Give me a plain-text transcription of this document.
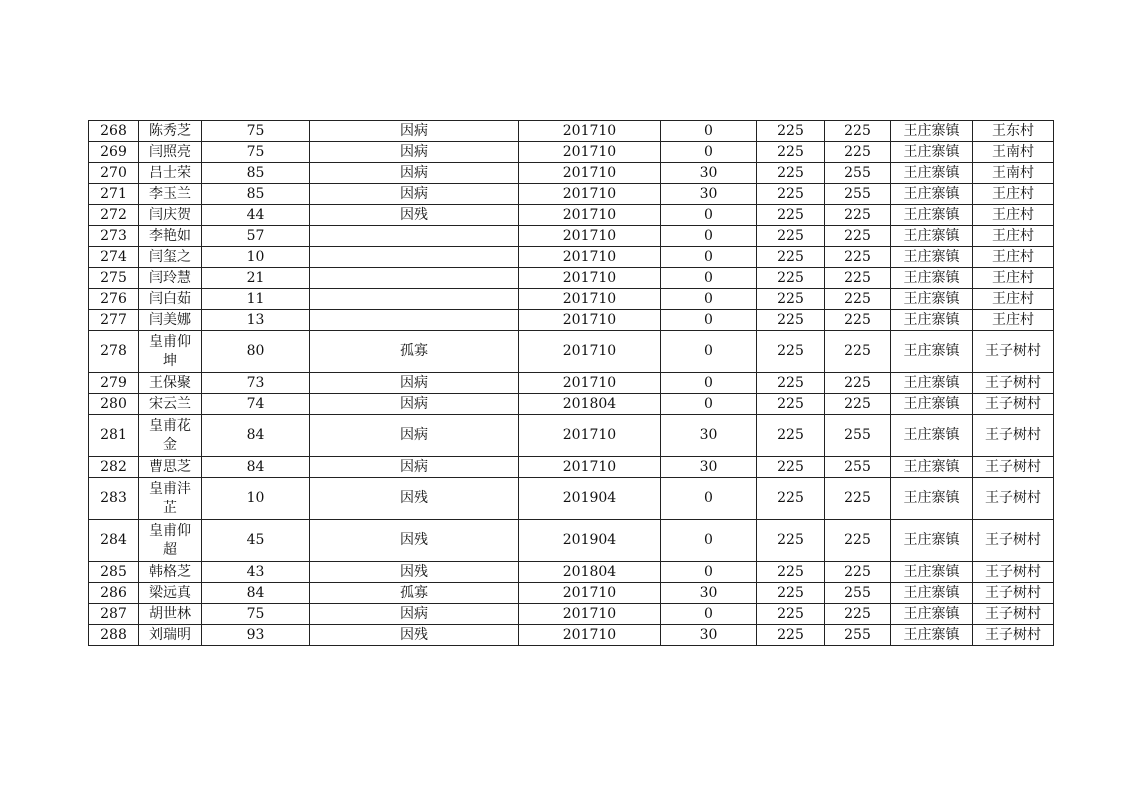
268	陈秀芝	75	因病	201710	0	225	225	王庄寨镇	王东村
269	闫照亮	75	因病	201710	0	225	225	王庄寨镇	王南村
270	吕士荣	85	因病	201710	30	225	255	王庄寨镇	王南村
271	李玉兰	85	因病	201710	30	225	255	王庄寨镇	王庄村
272	闫庆贺	44	因残	201710	0	225	225	王庄寨镇	王庄村
273	李艳如	57		201710	0	225	225	王庄寨镇	王庄村
274	闫玺之	10		201710	0	225	225	王庄寨镇	王庄村
275	闫玲慧	21		201710	0	225	225	王庄寨镇	王庄村
276	闫白茹	11		201710	0	225	225	王庄寨镇	王庄村
277	闫美娜	13		201710	0	225	225	王庄寨镇	王庄村
278	皇甫仰坤	80	孤寡	201710	0	225	225	王庄寨镇	王子树村
279	王保聚	73	因病	201710	0	225	225	王庄寨镇	王子树村
280	宋云兰	74	因病	201804	0	225	225	王庄寨镇	王子树村
281	皇甫花金	84	因病	201710	30	225	255	王庄寨镇	王子树村
282	曹思芝	84	因病	201710	30	225	255	王庄寨镇	王子树村
283	皇甫沣芷	10	因残	201904	0	225	225	王庄寨镇	王子树村
284	皇甫仰超	45	因残	201904	0	225	225	王庄寨镇	王子树村
285	韩格芝	43	因残	201804	0	225	225	王庄寨镇	王子树村
286	梁远真	84	孤寡	201710	30	225	255	王庄寨镇	王子树村
287	胡世林	75	因病	201710	0	225	225	王庄寨镇	王子树村
288	刘瑞明	93	因残	201710	30	225	255	王庄寨镇	王子树村
